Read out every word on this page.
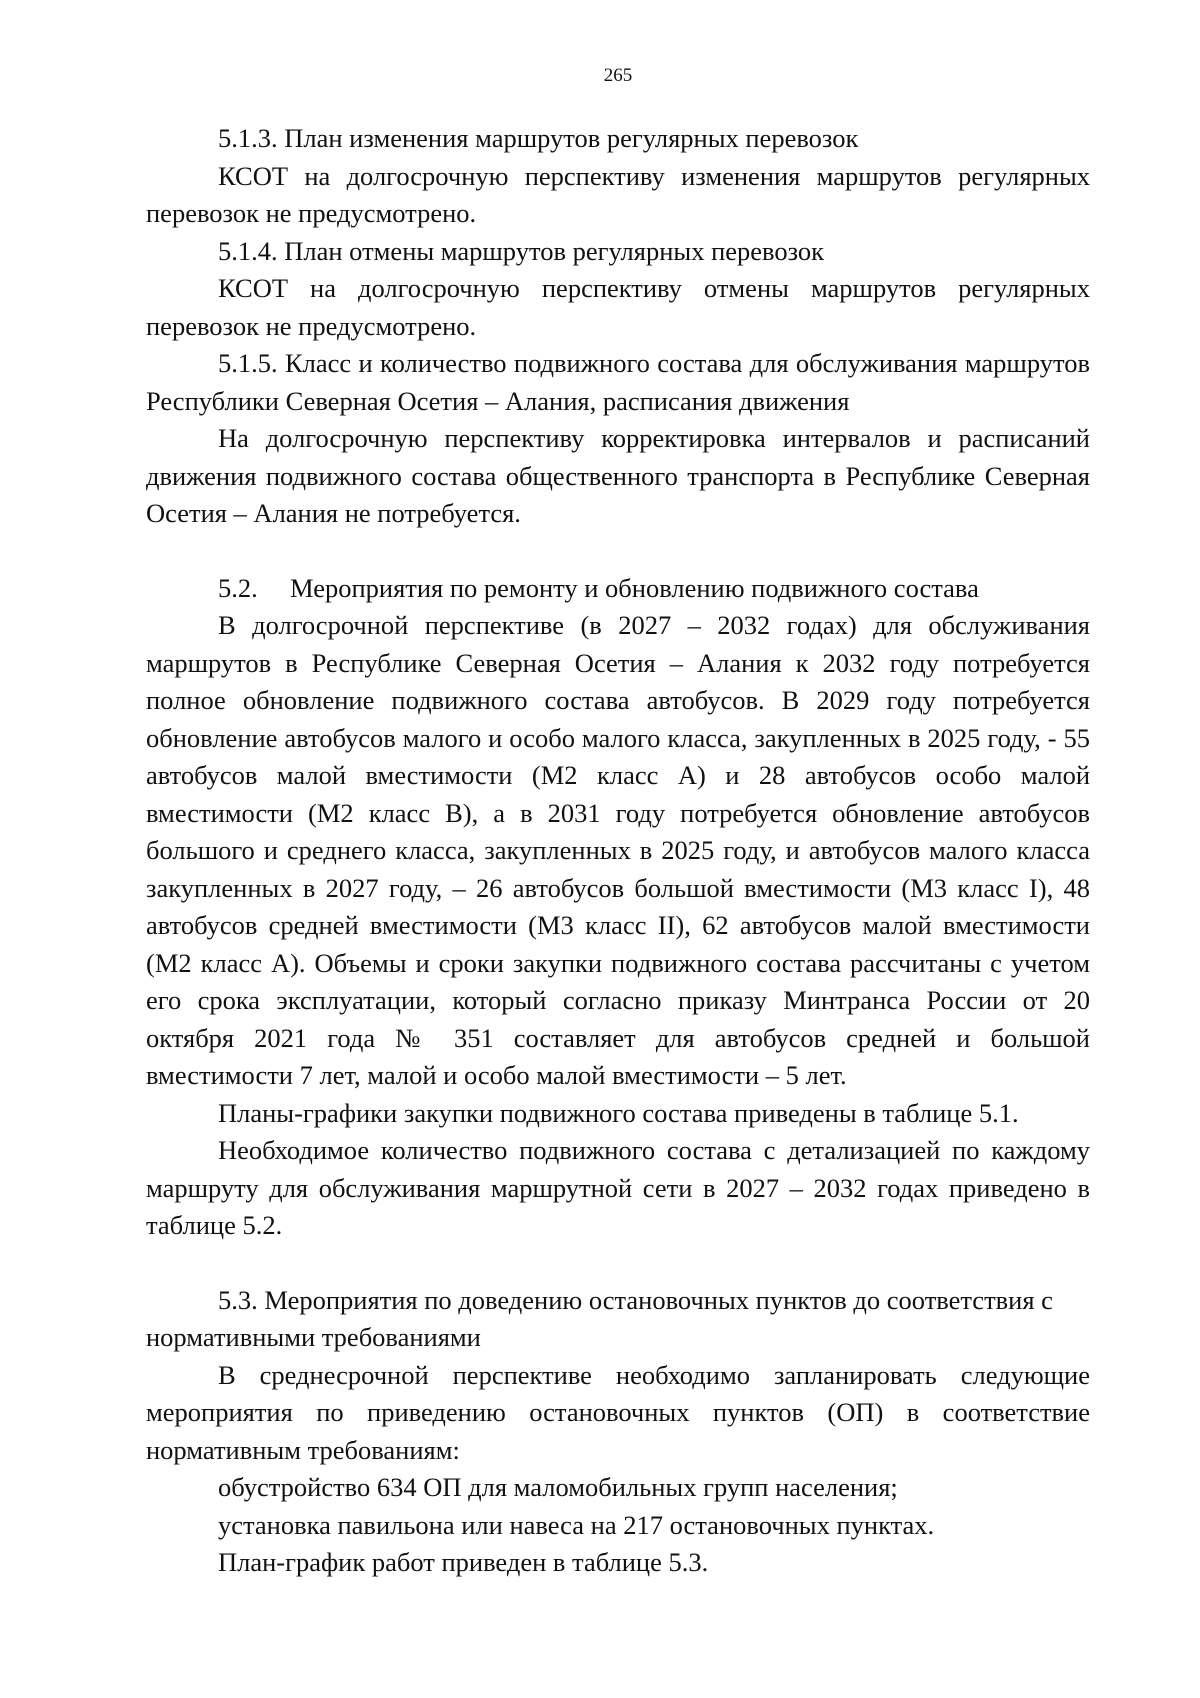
265

5.1.3. План изменения маршрутов регулярных перевозок

КСОТ на долгосрочную перспективу изменения маршрутов регулярных перевозок не предусмотрено.

5.1.4. План отмены маршрутов регулярных перевозок

КСОТ на долгосрочную перспективу отмены маршрутов регулярных перевозок не предусмотрено.

5.1.5. Класс и количество подвижного состава для обслуживания маршрутов Республики Северная Осетия – Алания, расписания движения

На долгосрочную перспективу корректировка интервалов и расписаний движения подвижного состава общественного транспорта в Республике Северная Осетия – Алания не потребуется.

5.2. Мероприятия по ремонту и обновлению подвижного состава

В долгосрочной перспективе (в 2027 – 2032 годах) для обслуживания маршрутов в Республике Северная Осетия – Алания к 2032 году потребуется полное обновление подвижного состава автобусов. В 2029 году потребуется обновление автобусов малого и особо малого класса, закупленных в 2025 году, - 55 автобусов малой вместимости (М2 класс А) и 28 автобусов особо малой вместимости (М2 класс В), а в 2031 году потребуется обновление автобусов большого и среднего класса, закупленных в 2025 году, и автобусов малого класса закупленных в 2027 году, – 26 автобусов большой вместимости (М3 класс I), 48 автобусов средней вместимости (М3 класс II), 62 автобусов малой вместимости (М2 класс А). Объемы и сроки закупки подвижного состава рассчитаны с учетом его срока эксплуатации, который согласно приказу Минтранса России от 20 октября 2021 года № 351 составляет для автобусов средней и большой вместимости 7 лет, малой и особо малой вместимости – 5 лет.

Планы-графики закупки подвижного состава приведены в таблице 5.1.

Необходимое количество подвижного состава с детализацией по каждому маршруту для обслуживания маршрутной сети в 2027 – 2032 годах приведено в таблице 5.2.

5.3. Мероприятия по доведению остановочных пунктов до соответствия с нормативными требованиями

В среднесрочной перспективе необходимо запланировать следующие мероприятия по приведению остановочных пунктов (ОП) в соответствие нормативным требованиям:

обустройство 634 ОП для маломобильных групп населения;

установка павильона или навеса на 217 остановочных пунктах.

План-график работ приведен в таблице 5.3.
